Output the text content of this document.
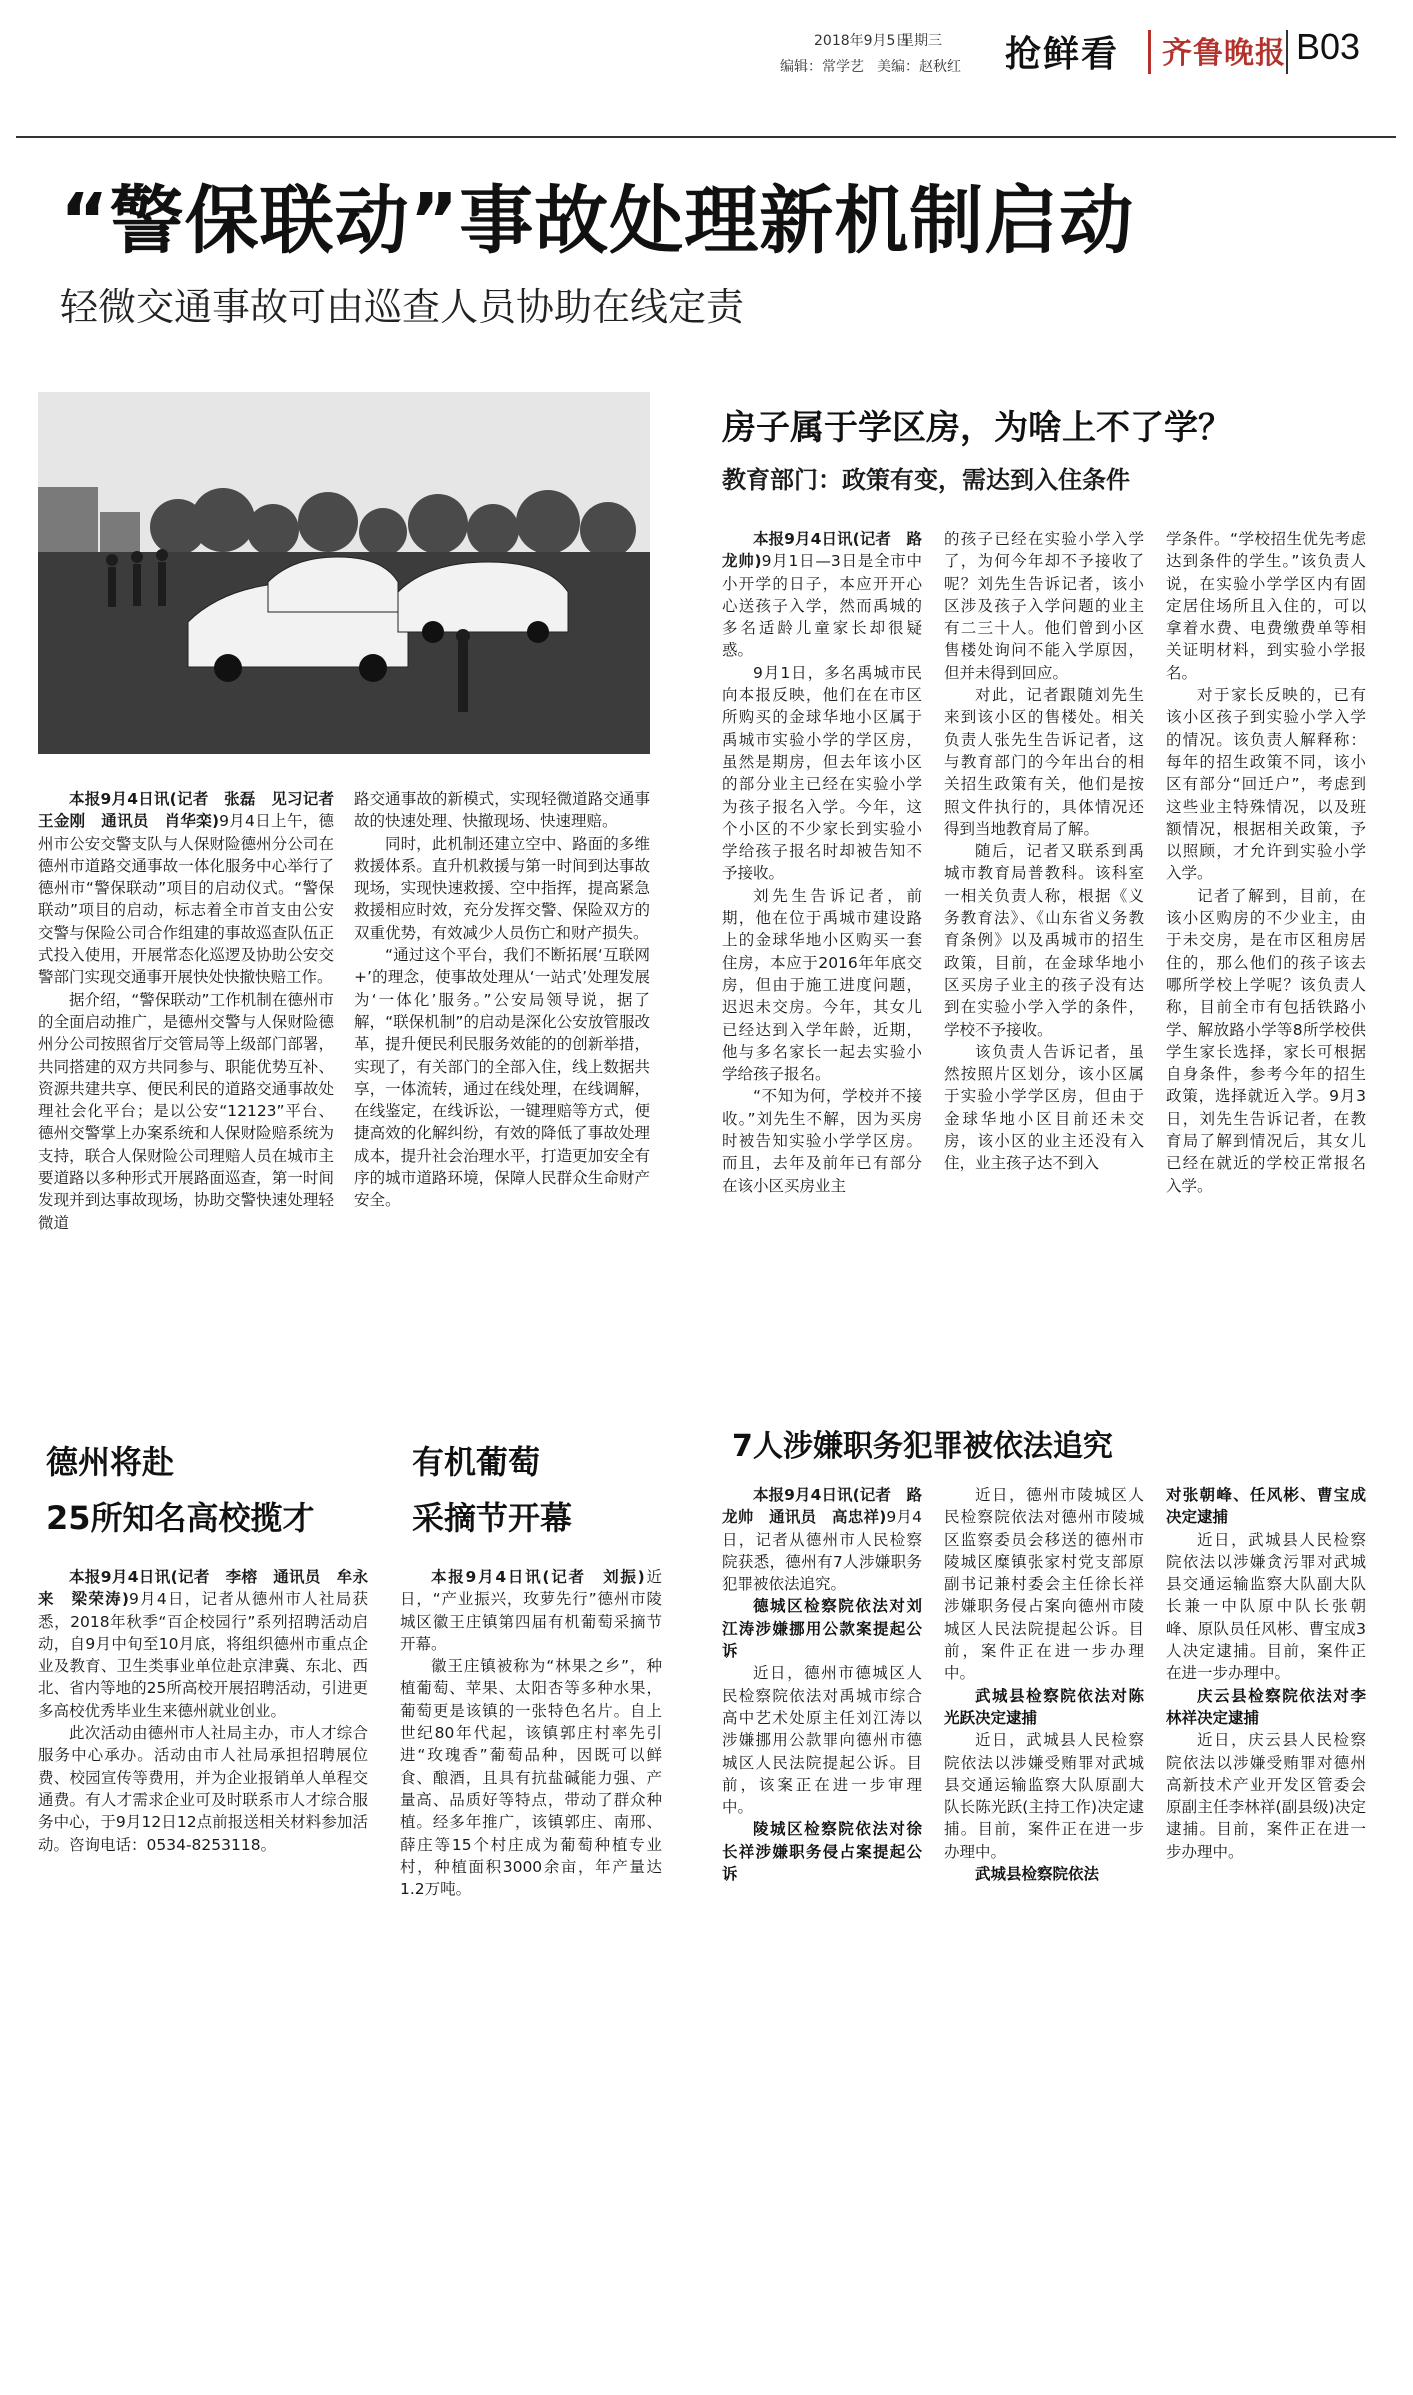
2018年9月5日
星期三
编辑：常学艺 美编：赵秋红 抢鲜看 齐鲁晚报 B03
“警保联动”事故处理新机制启动
轻微交通事故可由巡查人员协助在线定责

本报9月4日讯(记者　张磊　见习记者　王金刚　通讯员　肖华栾)9月4日上午，德州市公安交警支队与人保财险德州分公司在德州市道路交通事故一体化服务中心举行了德州市“警保联动”项目的启动仪式。“警保联动”项目的启动，标志着全市首支由公安交警与保险公司合作组建的事故巡查队伍正式投入使用，开展常态化巡逻及协助公安交警部门实现交通事开展快处快撤快赔工作。

据介绍，“警保联动”工作机制在德州市的全面启动推广，是德州交警与人保财险德州分公司按照省厅交管局等上级部门部署，共同搭建的双方共同参与、职能优势互补、资源共建共享、便民利民的道路交通事故处理社会化平台；是以公安“12123”平台、德州交警掌上办案系统和人保财险赔系统为支持，联合人保财险公司理赔人员在城市主要道路以多种形式开展路面巡查，第一时间发现并到达事故现场，协助交警快速处理轻微道

路交通事故的新模式，实现轻微道路交通事故的快速处理、快撤现场、快速理赔。

同时，此机制还建立空中、路面的多维救援体系。直升机救援与第一时间到达事故现场，实现快速救援、空中指挥，提高紧急救援相应时效，充分发挥交警、保险双方的双重优势，有效减少人员伤亡和财产损失。

“通过这个平台，我们不断拓展‘互联网+’的理念，使事故处理从‘一站式’处理发展为‘一体化’服务。”公安局领导说，据了解，“联保机制”的启动是深化公安放管服改革，提升便民利民服务效能的的创新举措，实现了，有关部门的全部入住，线上数据共享，一体流转，通过在线处理，在线调解，在线鉴定，在线诉讼，一键理赔等方式，便捷高效的化解纠纷，有效的降低了事故处理成本，提升社会治理水平，打造更加安全有序的城市道路环境，保障人民群众生命财产安全。

房子属于学区房，为啥上不了学？
教育部门：政策有变，需达到入住条件

本报9月4日讯(记者　路龙帅)9月1日—3日是全市中小开学的日子，本应开开心心送孩子入学，然而禹城的多名适龄儿童家长却很疑惑。

9月1日，多名禹城市民向本报反映，他们在在市区所购买的金球华地小区属于禹城市实验小学的学区房，虽然是期房，但去年该小区的部分业主已经在实验小学为孩子报名入学。今年，这个小区的不少家长到实验小学给孩子报名时却被告知不予接收。

刘先生告诉记者，前期，他在位于禹城市建设路上的金球华地小区购买一套住房，本应于2016年年底交房，但由于施工进度问题，迟迟未交房。今年，其女儿已经达到入学年龄，近期，他与多名家长一起去实验小学给孩子报名。

“不知为何，学校并不接收。”刘先生不解，因为买房时被告知实验小学学区房。而且，去年及前年已有部分在该小区买房业主

的孩子已经在实验小学入学了，为何今年却不予接收了呢？刘先生告诉记者，该小区涉及孩子入学问题的业主有二三十人。他们曾到小区售楼处询问不能入学原因，但并未得到回应。

对此，记者跟随刘先生来到该小区的售楼处。相关负责人张先生告诉记者，这与教育部门的今年出台的相关招生政策有关，他们是按照文件执行的，具体情况还得到当地教育局了解。

随后，记者又联系到禹城市教育局普教科。该科室一相关负责人称，根据《义务教育法》、《山东省义务教育条例》以及禹城市的招生政策，目前，在金球华地小区买房子业主的孩子没有达到在实验小学入学的条件，学校不予接收。

该负责人告诉记者，虽然按照片区划分，该小区属于实验小学学区房，但由于金球华地小区目前还未交房，该小区的业主还没有入住，业主孩子达不到入

学条件。“学校招生优先考虑达到条件的学生。”该负责人说，在实验小学学区内有固定居住场所且入住的，可以拿着水费、电费缴费单等相关证明材料，到实验小学报名。

对于家长反映的，已有该小区孩子到实验小学入学的情况。该负责人解释称：每年的招生政策不同，该小区有部分“回迁户”，考虑到这些业主特殊情况，以及班额情况，根据相关政策，予以照顾，才允许到实验小学入学。

记者了解到，目前，在该小区购房的不少业主，由于未交房，是在市区租房居住的，那么他们的孩子该去哪所学校上学呢？该负责人称，目前全市有包括铁路小学、解放路小学等8所学校供学生家长选择，家长可根据自身条件，参考今年的招生政策，选择就近入学。9月3日，刘先生告诉记者，在教育局了解到情况后，其女儿已经在就近的学校正常报名入学。

德州将赴
25所知名高校揽才

本报9月4日讯(记者　李榕　通讯员　牟永来　梁荣涛)9月4日，记者从德州市人社局获悉，2018年秋季“百企校园行”系列招聘活动启动，自9月中旬至10月底，将组织德州市重点企业及教育、卫生类事业单位赴京津冀、东北、西北、省内等地的25所高校开展招聘活动，引进更多高校优秀毕业生来德州就业创业。

此次活动由德州市人社局主办，市人才综合服务中心承办。活动由市人社局承担招聘展位费、校园宣传等费用，并为企业报销单人单程交通费。有人才需求企业可及时联系市人才综合服务中心，于9月12日12点前报送相关材料参加活动。咨询电话：0534-8253118。

有机葡萄
采摘节开幕

本报9月4日讯(记者　刘振)近日，“产业振兴，玫萝先行”德州市陵城区徽王庄镇第四届有机葡萄采摘节开幕。

徽王庄镇被称为“林果之乡”，种植葡萄、苹果、太阳杏等多种水果，葡萄更是该镇的一张特色名片。自上世纪80年代起，该镇郭庄村率先引进“玫瑰香”葡萄品种，因既可以鲜食、酿酒，且具有抗盐碱能力强、产量高、品质好等特点，带动了群众种植。经多年推广，该镇郭庄、南邢、薛庄等15个村庄成为葡萄种植专业村，种植面积3000余亩，年产量达1.2万吨。

7人涉嫌职务犯罪被依法追究

本报9月4日讯(记者　路龙帅　通讯员　高忠祥)9月4日，记者从德州市人民检察院获悉，德州有7人涉嫌职务犯罪被依法追究。

德城区检察院依法对刘江涛涉嫌挪用公款案提起公诉

近日，德州市德城区人民检察院依法对禹城市综合高中艺术处原主任刘江涛以涉嫌挪用公款罪向德州市德城区人民法院提起公诉。目前，该案正在进一步审理中。

陵城区检察院依法对徐长祥涉嫌职务侵占案提起公诉

近日，德州市陵城区人民检察院依法对德州市陵城区监察委员会移送的德州市陵城区糜镇张家村党支部原副书记兼村委会主任徐长祥涉嫌职务侵占案向德州市陵城区人民法院提起公诉。目前，案件正在进一步办理中。

武城县检察院依法对陈光跃决定逮捕

近日，武城县人民检察院依法以涉嫌受贿罪对武城县交通运输监察大队原副大队长陈光跃(主持工作)决定逮捕。目前，案件正在进一步办理中。

武城县检察院依法

对张朝峰、任风彬、曹宝成决定逮捕

近日，武城县人民检察院依法以涉嫌贪污罪对武城县交通运输监察大队副大队长兼一中队原中队长张朝峰、原队员任风彬、曹宝成3人决定逮捕。目前，案件正在进一步办理中。

庆云县检察院依法对李林祥决定逮捕

近日，庆云县人民检察院依法以涉嫌受贿罪对德州高新技术产业开发区管委会原副主任李林祥(副县级)决定逮捕。目前，案件正在进一步办理中。
